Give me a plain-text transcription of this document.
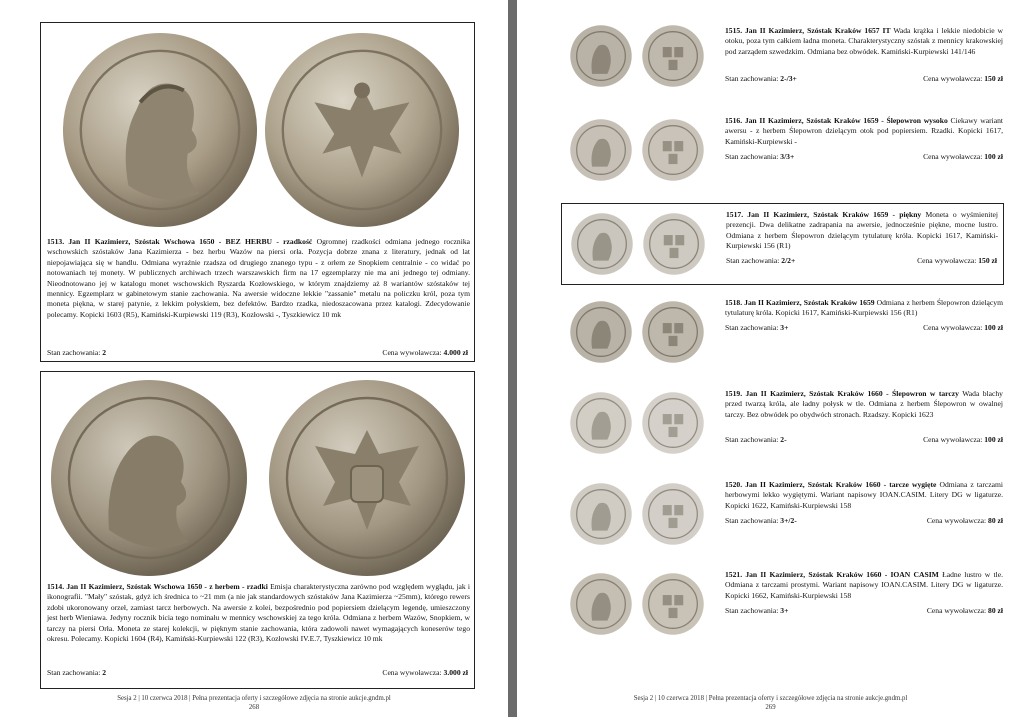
1513. Jan II Kazimierz, Szóstak Wschowa 1650 - BEZ HERBU - rzadkość Ogromnej rzadkości odmiana jednego rocznika wschowskich szóstaków Jana Kazimierza - bez herbu Wazów na piersi orła. Pozycja dobrze znana z literatury, jednak od lat niepojawiająca się w handlu. Odmiana wyraźnie rzadsza od drugiego znanego typu - z orłem ze Snopkiem centralnie - co widać po notowaniach tej monety. W publicznych archiwach trzech warszawskich firm na 17 egzemplarzy nie ma ani jednego tej odmiany. Nieodnotowano jej w katalogu monet wschowskich Ryszarda Kozłowskiego, w którym znajdziemy aż 8 wariantów szóstaków tej mennicy. Egzemplarz w gabinetowym stanie zachowania. Na awersie widoczne lekkie "zassanie" metalu na policzku król, poza tym moneta piękna, w starej patynie, z lekkim połyskiem, bez defektów. Bardzo rzadka, niedoszacowana przez katalogi. Zdecydowanie polecamy. Kopicki 1603 (R5), Kamiński-Kurpiewski 119 (R3), Kozłowski -, Tyszkiewicz 10 mk
Stan zachowania: 2	Cena wywoławcza: 4.000 zł
1514. Jan II Kazimierz, Szóstak Wschowa 1650 - z herbem - rzadki Emisja charakterystyczna zarówno pod względem wyglądu, jak i ikonografii. "Mały" szóstak, gdyż ich średnica to ~21 mm (a nie jak standardowych szóstaków Jana Kazimierza ~25mm), którego rewers zdobi ukoronowany orzeł, zamiast tarcz herbowych. Na awersie z kolei, bezpośrednio pod popiersiem dzielącym legendę, umieszczony jest herb Wieniawa. Jedyny rocznik bicia tego nominału w mennicy wschowskiej za tego króla. Odmiana z herbem Wazów, Snopkiem, w tarczy na piersi Orła. Moneta ze starej kolekcji, w pięknym stanie zachowania, która zadowoli nawet wymagających koneserów tego okresu. Polecamy. Kopicki 1604 (R4), Kamiński-Kurpiewski 122 (R3), Kozłowski IV.E.7, Tyszkiewicz 10 mk
Stan zachowania: 2	Cena wywoławcza: 3.000 zł
Sesja 2 | 10 czerwca 2018 | Pełna prezentacja oferty i szczegółowe zdjęcia na stronie aukcje.gndm.pl
268
1515. Jan II Kazimierz, Szóstak Kraków 1657 IT Wada krążka i lekkie niedobicie w otoku, poza tym całkiem ładna moneta. Charakterystyczny szóstak z mennicy krakowskiej pod zarządem szwedzkim. Odmiana bez obwódek. Kamiński-Kurpiewski 141/146
Stan zachowania: 2-/3+	Cena wywoławcza: 150 zł
1516. Jan II Kazimierz, Szóstak Kraków 1659 - Ślepowron wysoko Ciekawy wariant awersu - z herbem Ślepowron dzielącym otok pod popiersiem. Rzadki. Kopicki 1617, Kamiński-Kurpiewski -
Stan zachowania: 3/3+	Cena wywoławcza: 100 zł
1517. Jan II Kazimierz, Szóstak Kraków 1659 - piękny Moneta o wyśmienitej prezencji. Dwa delikatne zadrapania na awersie, jednocześnie piękne, mocne lustro. Odmiana z herbem Ślepowron dzielącym tytulaturę króla. Kopicki 1617, Kamiński-Kurpiewski 156 (R1)
Stan zachowania: 2/2+	Cena wywoławcza: 150 zł
1518. Jan II Kazimierz, Szóstak Kraków 1659 Odmiana z herbem Ślepowron dzielącym tytulaturę króla. Kopicki 1617, Kamiński-Kurpiewski 156 (R1)
Stan zachowania: 3+	Cena wywoławcza: 100 zł
1519. Jan II Kazimierz, Szóstak Kraków 1660 - Ślepowron w tarczy Wada blachy przed twarzą króla, ale ładny połysk w tle. Odmiana z herbem Ślepowron w owalnej tarczy. Bez obwódek po obydwóch stronach. Rzadszy. Kopicki 1623
Stan zachowania: 2-	Cena wywoławcza: 100 zł
1520. Jan II Kazimierz, Szóstak Kraków 1660 - tarcze wygięte Odmiana z tarczami herbowymi lekko wygiętymi. Wariant napisowy IOAN.CASIM. Litery DG w ligaturze. Kopicki 1622, Kamiński-Kurpiewski 158
Stan zachowania: 3+/2-	Cena wywoławcza: 80 zł
1521. Jan II Kazimierz, Szóstak Kraków 1660 - IOAN CASIM Ładne lustro w tle. Odmiana z tarczami prostymi. Wariant napisowy IOAN.CASIM. Litery DG w ligaturze. Kopicki 1662, Kamiński-Kurpiewski 158
Stan zachowania: 3+	Cena wywoławcza: 80 zł
Sesja 2 | 10 czerwca 2018 | Pełna prezentacja oferty i szczegółowe zdjęcia na stronie aukcje.gndm.pl
269
